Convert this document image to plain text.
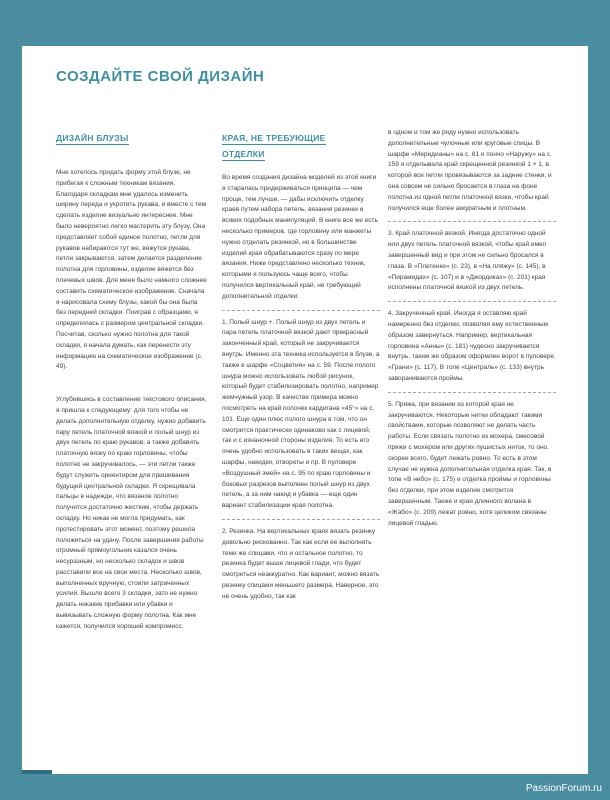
СОЗДАЙТЕ СВОЙ ДИЗАЙН
ДИЗАЙН БЛУЗЫ

Мне хотелось придать форму этой блузе, не прибегая к сложным техникам вязания. Благодаря складкам мне удалось изменить ширину переда и укротить рукава, и вместе с тем сделать изделие визуально интереснее. Мне было невероятно легко мастерить эту блузу. Она представляет собой единое полотно, петли для рукавов набираются тут же, вяжутся рукава, петли закрываются, затем делается разделение полотна для горловины, изделие вяжется без плечевых швов. Для меня было намного сложнее составить схематическое изображение. Сначала я нарисовала схему блузы, какой бы она была без передней складки. Поиграв с образцами, я определилась с размером центральной складки. Посчитав, сколько нужно полотна для такой складки, я начала думать, как перенести эту информацию на схематическое изображение (с. 49).

Углубившись в составление текстового описания, я пришла к следующему: для того чтобы не делать дополнительную отделку, нужно добавить пару петель платочной вязкой и полый шнур из двух петель по краю рукавов; а также добавить платочную вязку по краю горловины, чтобы полотно не закручивалось, — эти петли также будут служить ориентиром для пришивания будущей центральной складки. Я скрещивала пальцы в надежде, что вязаное полотно получится достаточно жестким, чтобы держать складку. Но никак не могла придумать, как протестировать этот момент, поэтому решила положиться на удачу. После завершения работы огромный прямоугольник казался очень несуразным, но несколько складок и швов расставили все на свои места. Несколько швов, выполненных вручную, стоили затраченных усилий. Вышло всего 3 складки, зато не нужно делать никакие прибавки или убавки и вывязывать сложную форму полотна. Как мне кажется, получился хороший компромисс.

КРАЯ, НЕ ТРЕБУЮЩИЕ
ОТДЕЛКИ

Во время создания дизайна моделей из этой книги я старалась придерживаться принципа — чем проще, тем лучше, — дабы исключить отделку краев путем набора петель, вязания резинки и всяких подобных манипуляций. В книге все же есть несколько примеров, где горловину или манжеты нужно отделать резинкой, но в большинстве изделий края обрабатываются сразу по мере вязания. Ниже представлено несколько техник, которыми я пользуюсь чаще всего, чтобы получился вертикальный край, не требующий дополнительной отделки:

1. Полый шнур +. Полый шнур из двух петель и пара петель платочной вязкой дают прекрасный законченный край, который не закручивается внутрь. Именно эта техника используется в блузе, а также в шарфе «Соцветия» на с. 59. После полого шнура можно использовать любой рисунок, который будет стабилизировать полотно, например жемчужный узор. В качестве примера можно посмотреть на край полочек кардигана «45°» на с. 101. Еще один плюс полого шнура в том, что он смотрится практически одинаково как с лицевой, так и с изнаночной стороны изделия. То есть его очень удобно использовать в таких вещах, как шарфы, накидки, отвороты и пр. В пуловере «Воздушный змей» на с. 95 по краю горловины и боковых разрезов выполнен полый шнур из двух петель, а за ним накид и убавка — еще один вариант стабилизации края полотна.

2. Резинка. На вертикальных краях вязать резинку довольно рискованно. Так как если ее выполнять теми же спицами, что и остальное полотно, то резинка будет выше лицевой глади, что будет смотреться неаккуратно. Как вариант, можно вязать резинку спицами меньшего размера. Наверное, это не очень удобно, так как

в одном и том же ряду нужно использовать дополнительные чулочные или круговые спицы. В шарфе «Меридианы» на с. 81 и пончо «Наружу» на с. 159 я отделывала край скрещенной резинкой 1 × 1, в которой все петли провязываются за задние стенки, и она совсем не сильно бросается в глаза на фоне полотна из одной петли платочной вязки, чтобы край получился еще более аккуратным и плотным.

3. Край платочной вязкой. Иногда достаточно одной или двух петель платочной вязкой, чтобы край имел завершенный вид и при этом не сильно бросался в глаза. В «Плетенке» (с. 23), в «На пляжу» (с. 145), в «Пирамидах» (с. 107) и в «Джордиках» (с. 201) края исполнены платочной вязкой из двух петель.

4. Закрученный край. Иногда я оставляю край намеренно без отделки, позволяя ему естественным образом завернуться. Например, вертикальная горловина «Анны» (с. 181) чудесно закручивается внутрь, таким же образом оформлен ворот в пуловере «Грани» (с. 117). В топе «Централь» (с. 133) внутрь заворачиваются проймы.

5. Пряжа, при вязании из которой края не закручиваются. Некоторые нитки обладают такими свойствами, которые позволяют не делать часть работы. Если связать полотно из мохера, смесовой пряжи с мохером или других пушистых ниток, то оно, скорее всего, будет лежать ровно. То есть в этом случае не нужна дополнительная отделка края. Так, в топе «В небо» (с. 175) и отделка проймы и горловины без отделки, при этом изделие смотрится завершенным. Также и края длинного волана в «Жабо» (с. 209) лежат ровно, хотя целиком связаны лицевой гладью.

PassionForum.ru
